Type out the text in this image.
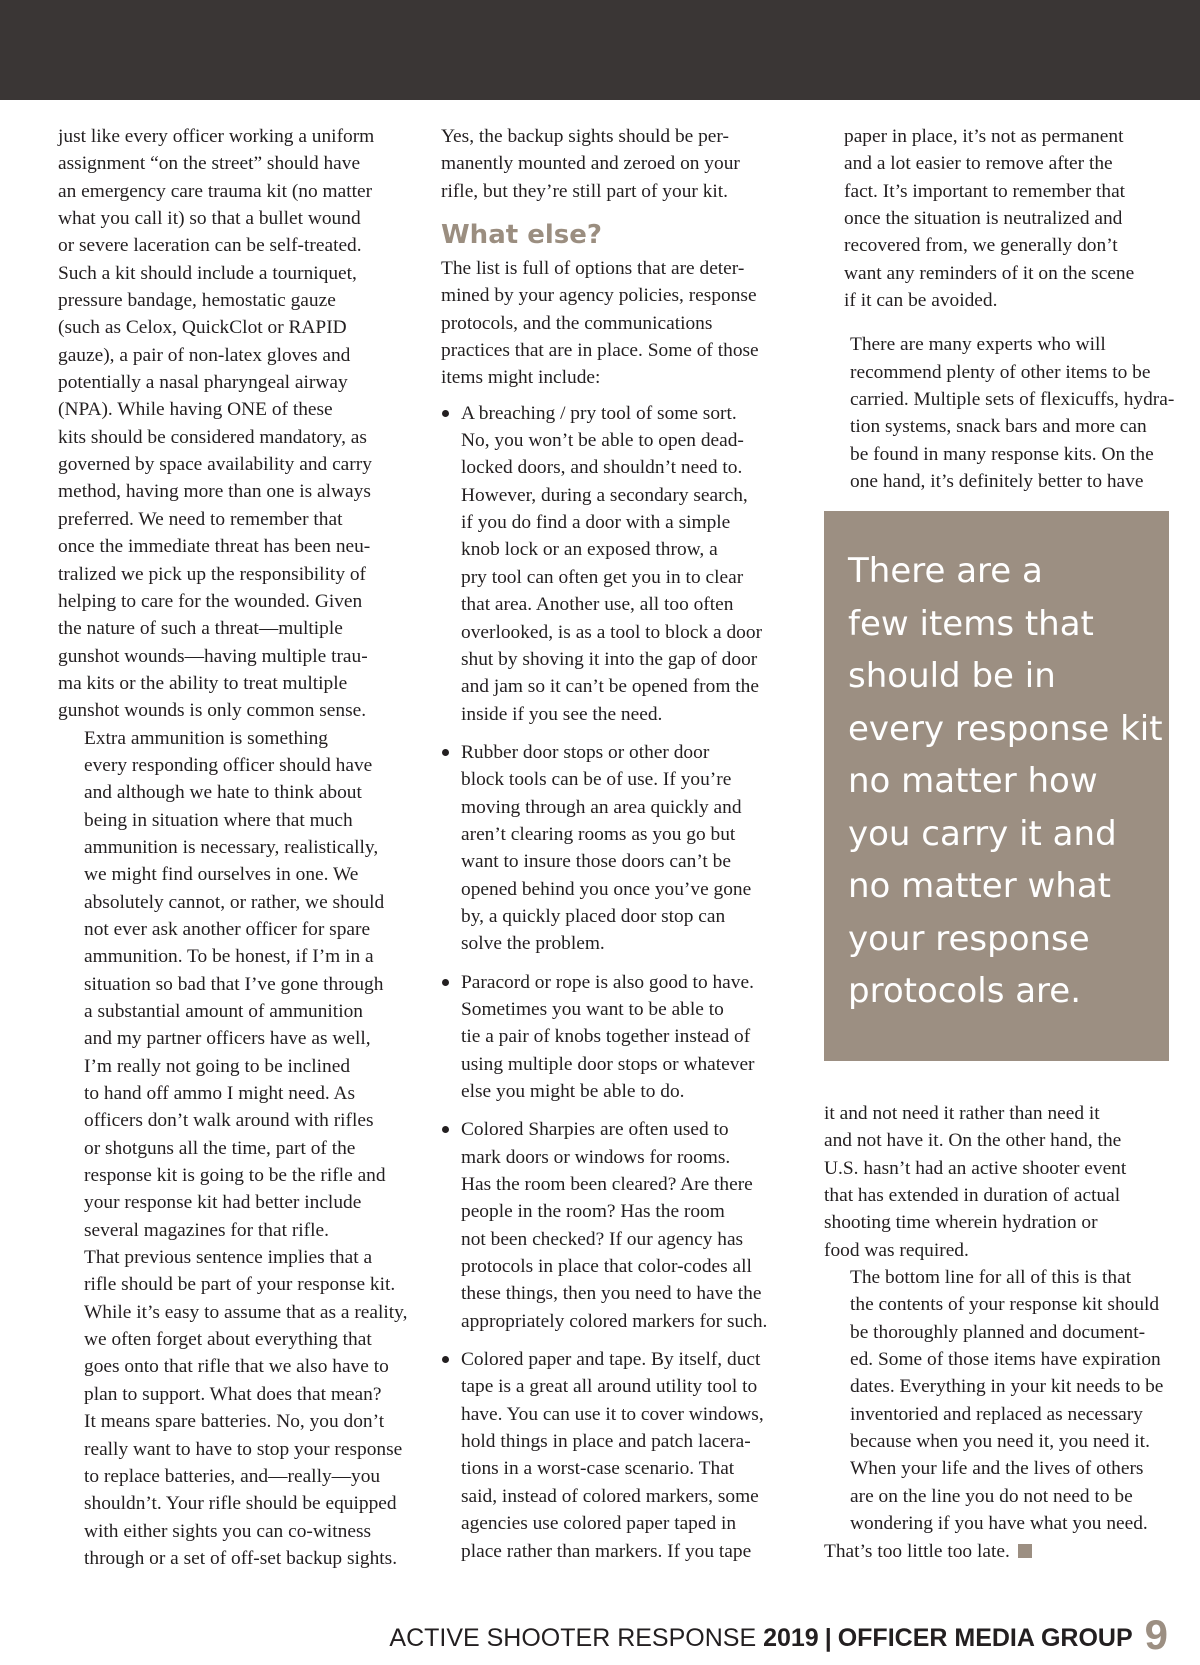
just like every officer working a uniform
assignment “on the street” should have
an emergency care trauma kit (no matter
what you call it) so that a bullet wound
or severe laceration can be self-treated.
Such a kit should include a tourniquet,
pressure bandage, hemostatic gauze
(such as Celox, QuickClot or RAPID
gauze), a pair of non-latex gloves and
potentially a nasal pharyngeal airway
(NPA). While having ONE of these
kits should be considered mandatory, as
governed by space availability and carry
method, having more than one is always
preferred. We need to remember that
once the immediate threat has been neu-
tralized we pick up the responsibility of
helping to care for the wounded. Given
the nature of such a threat—multiple
gunshot wounds—having multiple trau-
ma kits or the ability to treat multiple
gunshot wounds is only common sense.

Extra ammunition is something
every responding officer should have
and although we hate to think about
being in situation where that much
ammunition is necessary, realistically,
we might find ourselves in one. We
absolutely cannot, or rather, we should
not ever ask another officer for spare
ammunition. To be honest, if I’m in a
situation so bad that I’ve gone through
a substantial amount of ammunition
and my partner officers have as well,
I’m really not going to be inclined
to hand off ammo I might need. As
officers don’t walk around with rifles
or shotguns all the time, part of the
response kit is going to be the rifle and
your response kit had better include
several magazines for that rifle.

That previous sentence implies that a
rifle should be part of your response kit.
While it’s easy to assume that as a reality,
we often forget about everything that
goes onto that rifle that we also have to
plan to support. What does that mean?
It means spare batteries. No, you don’t
really want to have to stop your response
to replace batteries, and—really—you
shouldn’t. Your rifle should be equipped
with either sights you can co-witness
through or a set of off-set backup sights.

Yes, the backup sights should be per-
manently mounted and zeroed on your
rifle, but they’re still part of your kit.

What else?

The list is full of options that are deter-
mined by your agency policies, response
protocols, and the communications
practices that are in place. Some of those
items might include:

A breaching / pry tool of some sort.
No, you won’t be able to open dead-
locked doors, and shouldn’t need to.
However, during a secondary search,
if you do find a door with a simple
knob lock or an exposed throw, a
pry tool can often get you in to clear
that area. Another use, all too often
overlooked, is as a tool to block a door
shut by shoving it into the gap of door
and jam so it can’t be opened from the
inside if you see the need.
Rubber door stops or other door
block tools can be of use. If you’re
moving through an area quickly and
aren’t clearing rooms as you go but
want to insure those doors can’t be
opened behind you once you’ve gone
by, a quickly placed door stop can
solve the problem.
Paracord or rope is also good to have.
Sometimes you want to be able to
tie a pair of knobs together instead of
using multiple door stops or whatever
else you might be able to do.
Colored Sharpies are often used to
mark doors or windows for rooms.
Has the room been cleared? Are there
people in the room? Has the room
not been checked? If our agency has
protocols in place that color-codes all
these things, then you need to have the
appropriately colored markers for such.
Colored paper and tape. By itself, duct
tape is a great all around utility tool to
have. You can use it to cover windows,
hold things in place and patch lacera-
tions in a worst-case scenario. That
said, instead of colored markers, some
agencies use colored paper taped in
place rather than markers. If you tape

paper in place, it’s not as permanent
and a lot easier to remove after the
fact. It’s important to remember that
once the situation is neutralized and
recovered from, we generally don’t
want any reminders of it on the scene
if it can be avoided.

There are many experts who will
recommend plenty of other items to be
carried. Multiple sets of flexicuffs, hydra-
tion systems, snack bars and more can
be found in many response kits. On the
one hand, it’s definitely better to have

There are a
few items that
should be in
every response kit
no matter how
you carry it and
no matter what
your response
protocols are.

it and not need it rather than need it
and not have it. On the other hand, the
U.S. hasn’t had an active shooter event
that has extended in duration of actual
shooting time wherein hydration or
food was required.

The bottom line for all of this is that
the contents of your response kit should
be thoroughly planned and document-
ed. Some of those items have expiration
dates. Everything in your kit needs to be
inventoried and replaced as necessary
because when you need it, you need it.
When your life and the lives of others
are on the line you do not need to be
wondering if you have what you need.
That’s too little too late.

ACTIVE SHOOTER RESPONSE
2019 | OFFICER MEDIA GROUP 9
